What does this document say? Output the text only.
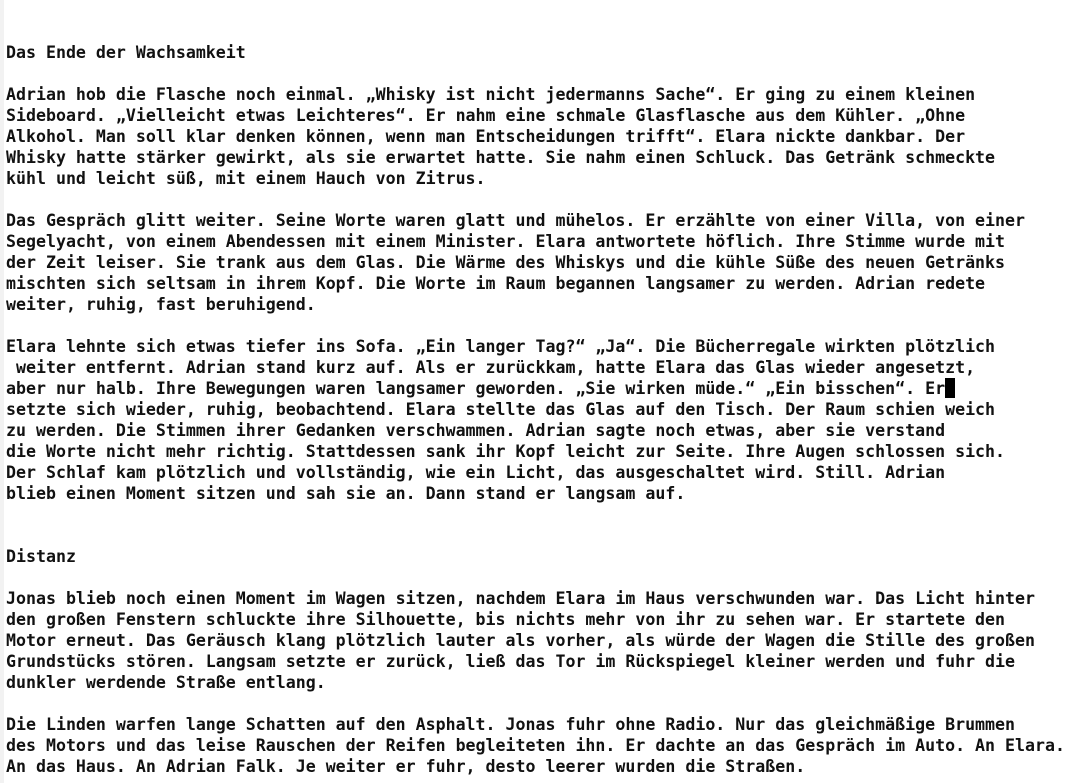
Das Ende der Wachsamkeit
Adrian hob die Flasche noch einmal. „Whisky ist nicht jedermanns Sache“. Er ging zu einem kleinen
Sideboard. „Vielleicht etwas Leichteres“. Er nahm eine schmale Glasflasche aus dem Kühler. „Ohne
Alkohol. Man soll klar denken können, wenn man Entscheidungen trifft“. Elara nickte dankbar. Der
Whisky hatte stärker gewirkt, als sie erwartet hatte. Sie nahm einen Schluck. Das Getränk schmeckte
kühl und leicht süß, mit einem Hauch von Zitrus.
Das Gespräch glitt weiter. Seine Worte waren glatt und mühelos. Er erzählte von einer Villa, von einer
Segelyacht, von einem Abendessen mit einem Minister. Elara antwortete höflich. Ihre Stimme wurde mit
der Zeit leiser. Sie trank aus dem Glas. Die Wärme des Whiskys und die kühle Süße des neuen Getränks
mischten sich seltsam in ihrem Kopf. Die Worte im Raum begannen langsamer zu werden. Adrian redete
weiter, ruhig, fast beruhigend.
Elara lehnte sich etwas tiefer ins Sofa. „Ein langer Tag?“ „Ja“. Die Bücherregale wirkten plötzlich
weiter entfernt. Adrian stand kurz auf. Als er zurückkam, hatte Elara das Glas wieder angesetzt,
aber nur halb. Ihre Bewegungen waren langsamer geworden. „Sie wirken müde.“ „Ein bisschen“. Er
setzte sich wieder, ruhig, beobachtend. Elara stellte das Glas auf den Tisch. Der Raum schien weich
zu werden. Die Stimmen ihrer Gedanken verschwammen. Adrian sagte noch etwas, aber sie verstand
die Worte nicht mehr richtig. Stattdessen sank ihr Kopf leicht zur Seite. Ihre Augen schlossen sich.
Der Schlaf kam plötzlich und vollständig, wie ein Licht, das ausgeschaltet wird. Still. Adrian
blieb einen Moment sitzen und sah sie an. Dann stand er langsam auf.
Distanz
Jonas blieb noch einen Moment im Wagen sitzen, nachdem Elara im Haus verschwunden war. Das Licht hinter
den großen Fenstern schluckte ihre Silhouette, bis nichts mehr von ihr zu sehen war. Er startete den
Motor erneut. Das Geräusch klang plötzlich lauter als vorher, als würde der Wagen die Stille des großen
Grundstücks stören. Langsam setzte er zurück, ließ das Tor im Rückspiegel kleiner werden und fuhr die
dunkler werdende Straße entlang.
Die Linden warfen lange Schatten auf den Asphalt. Jonas fuhr ohne Radio. Nur das gleichmäßige Brummen
des Motors und das leise Rauschen der Reifen begleiteten ihn. Er dachte an das Gespräch im Auto. An Elara.
An das Haus. An Adrian Falk. Je weiter er fuhr, desto leerer wurden die Straßen.
